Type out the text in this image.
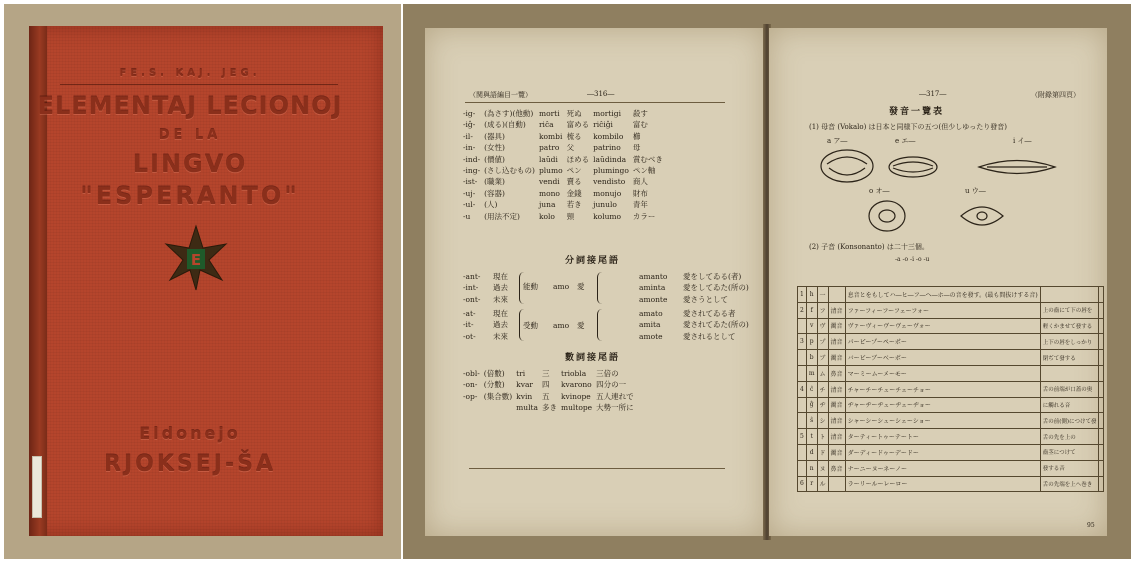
FE.S. KAJ. JEG.
ELEMENTAJ LECIONOJ
DE LA
LINGVO
"ESPERANTO"
E
Eldonejo
RJOKSEJ-ŠA
（関與語編目一覽）	―316―
-ig-	(為さす)(他動)	morti	死ぬ	mortigi	殺す
-iĝ-	(成る)(自動)	riĉa	富める	riĉiĝi	富む
-il-	(器具)	kombi	梳る	kombilo	櫛
-in-	(女性)	patro	父	patrino	母
-ind-	(價値)	laŭdi	ほめる	laŭdinda	賞むべき
-ing-	(さし込むもの)	plumo	ペン	plumingo	ペン軸
-ist-	(職業)	vendi	賣る	vendisto	商人
-uj-	(容器)	mono	金錢	monujo	財布
-ul-	(人)	juna	若き	junulo	青年
-u	(用法不定)	kolo	頸	kolumo	カラー
分詞接尾語
-ant-	現在		amanto	愛をしてゐる(者)
-int-	過去		aminta	愛をしてゐた(所の)
-ont-	未來		amonte	愛さうとして
能動 amo 愛
-at-	現在		amato	愛されてゐる者
-it-	過去		amita	愛されてゐた(所の)
-ot-	未來		amote	愛されるとして
受動 amo 愛
數詞接尾語
-obl-	(倍數)	tri	三	triobla	三倍の
-on-	(分數)	kvar	四	kvarono	四分の一
-op-	(集合數)	kvin	五	kvinope	五人連れで
		multa	多き	multope	大勢一所に
―317―	（附錄第四頁）
發音一覽表
(1) 母音 (Vokalo) は日本と同様下の五つ(但少しゆったり發音)
a ア―	e エ―	i イ―
o オ―	u ウ―
(2) 子音 (Konsonanto) は二十三個。
-a -o -i -o -u
1	h	一		息音とをもしてハ―ヒ―フ―ヘ―ホ―の音を發す。(最も間抜けする音)		
2	f	フ	清音	ファーフィーフーフェーフォー	上の齒にて下の唇を	
	v	ヴ	濁音	ヴァーヴィーヴーヴェーヴォー	輕くかませて發する	
3	p	プ	清音	パーピープーペーポー	上下の唇をしっかり	
	b	ブ	濁音	バービーブーベーボー	閉ぢて發する	
	m	ム	鼻音	マーミームーメーモー		
4	ĉ	チ	清音	チャーチーチューチェーチョー	舌の前端が口蓋の奥	
	ĝ	ヂ	濁音	ヂャーヂーヂューヂェーヂョー	に觸れる音	
	ŝ	シ	清音	シャーシーシューシェーショー	舌の前(側)につけて發	
5	t	ト	清音	ターティートゥーテートー	舌の先を上の	
	d	ド	濁音	ダーディードゥーデードー	齒茎につけて	
	n	ヌ	鼻音	ナーニーヌーネーノー	發する音	
6	r	ル		ラーリールーレーロー	舌の先端を上へ巻き	
95
